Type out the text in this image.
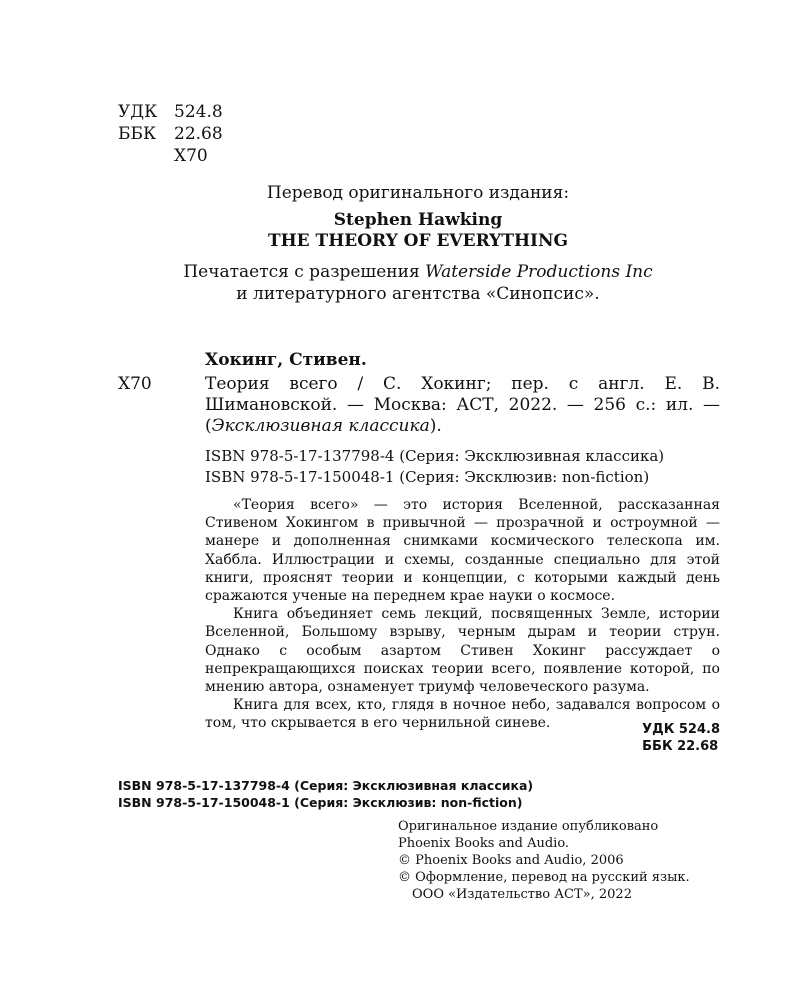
УДК 524.8
ББК 22.68
Х70
Перевод оригинального издания:
Stephen Hawking
THE THEORY OF EVERYTHING
Печатается с разрешения Waterside Productions Inc
и литературного агентства «Синопсис».
Хокинг, Стивен.
Х70	Теория всего / С. Хокинг; пер. с англ. Е. В. Шимановской. — Москва: АСТ, 2022. — 256 с.: ил. — (Эксклюзивная классика).
ISBN 978-5-17-137798-4 (Серия: Эксклюзивная классика)
ISBN 978-5-17-150048-1 (Серия: Эксклюзив: non-fiction)

«Теория всего» — это история Вселенной, рассказанная Стивеном Хокингом в привычной — прозрачной и остроумной — манере и дополненная снимками космического телескопа им. Хаббла. Иллюстрации и схемы, созданные специально для этой книги, прояснят теории и концепции, с которыми каждый день сражаются ученые на переднем крае науки о космосе.

Книга объединяет семь лекций, посвященных Земле, истории Вселенной, Большому взрыву, черным дырам и теории струн. Однако с особым азартом Стивен Хокинг рассуждает о непрекращающихся поисках теории всего, появление которой, по мнению автора, ознаменует триумф человеческого разума.

Книга для всех, кто, глядя в ночное небо, задавался вопросом о том, что скрывается в его чернильной синеве.	УДК 524.8
ББК 22.68
ISBN 978-5-17-137798-4 (Серия: Эксклюзивная классика)
ISBN 978-5-17-150048-1 (Серия: Эксклюзив: non-fiction)
Оригинальное издание опубликовано
Phoenix Books and Audio.
© Phoenix Books and Audio, 2006
© Оформление, перевод на русский язык.
ООО «Издательство АСТ», 2022
